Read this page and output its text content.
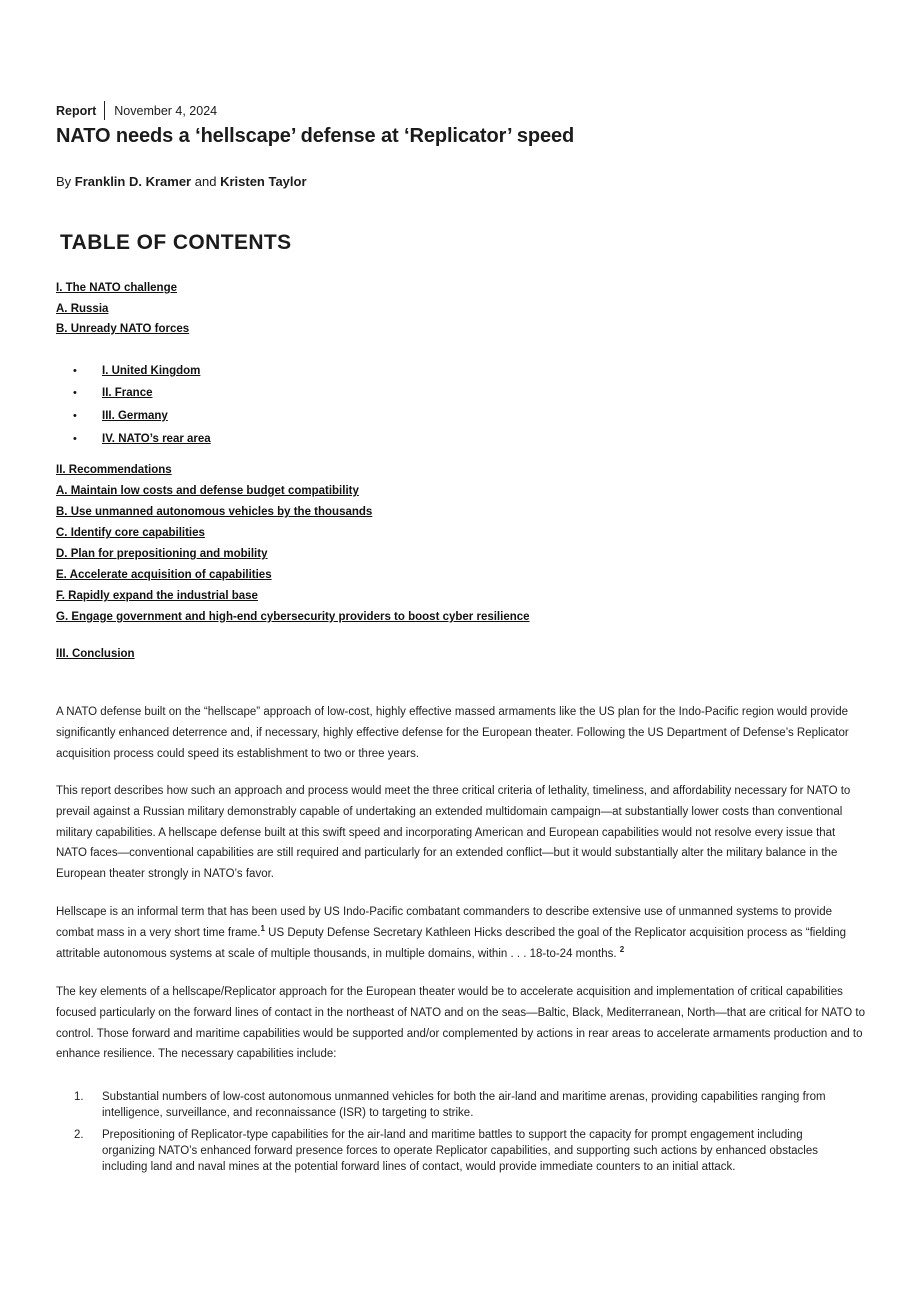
Report November 4, 2024
NATO needs a ‘hellscape’ defense at ‘Replicator’ speed
By Franklin D. Kramer and Kristen Taylor
TABLE OF CONTENTS
I. The NATO challenge
A. Russia
B. Unready NATO forces
• I. United Kingdom
• II. France
• III. Germany
• IV. NATO’s rear area
II. Recommendations
A. Maintain low costs and defense budget compatibility
B. Use unmanned autonomous vehicles by the thousands
C. Identify core capabilities
D. Plan for prepositioning and mobility
E. Accelerate acquisition of capabilities
F. Rapidly expand the industrial base
G. Engage government and high-end cybersecurity providers to boost cyber resilience
III. Conclusion

A NATO defense built on the “hellscape” approach of low-cost, highly effective massed armaments like the US plan for the Indo-Pacific region would provide significantly enhanced deterrence and, if necessary, highly effective defense for the European theater. Following the US Department of Defense’s Replicator acquisition process could speed its establishment to two or three years.

This report describes how such an approach and process would meet the three critical criteria of lethality, timeliness, and affordability necessary for NATO to prevail against a Russian military demonstrably capable of undertaking an extended multidomain campaign—at substantially lower costs than conventional military capabilities. A hellscape defense built at this swift speed and incorporating American and European capabilities would not resolve every issue that NATO faces—conventional capabilities are still required and particularly for an extended conflict—but it would substantially alter the military balance in the European theater strongly in NATO’s favor.

Hellscape is an informal term that has been used by US Indo-Pacific combatant commanders to describe extensive use of unmanned systems to provide combat mass in a very short time frame.$^1$ US Deputy Defense Secretary Kathleen Hicks described the goal of the Replicator acquisition process as “fielding attritable autonomous systems at scale of multiple thousands, in multiple domains, within . . . 18-to-24 months. $^2$

The key elements of a hellscape/Replicator approach for the European theater would be to accelerate acquisition and implementation of critical capabilities focused particularly on the forward lines of contact in the northeast of NATO and on the seas—Baltic, Black, Mediterranean, North—that are critical for NATO to control. Those forward and maritime capabilities would be supported and/or complemented by actions in rear areas to accelerate armaments production and to enhance resilience. The necessary capabilities include:

1. Substantial numbers of low-cost autonomous unmanned vehicles for both the air-land and maritime arenas, providing capabilities ranging from intelligence, surveillance, and reconnaissance (ISR) to targeting to strike.
2. Prepositioning of Replicator-type capabilities for the air-land and maritime battles to support the capacity for prompt engagement including organizing NATO’s enhanced forward presence forces to operate Replicator capabilities, and supporting such actions by enhanced obstacles including land and naval mines at the potential forward lines of contact, would provide immediate counters to an initial attack.
